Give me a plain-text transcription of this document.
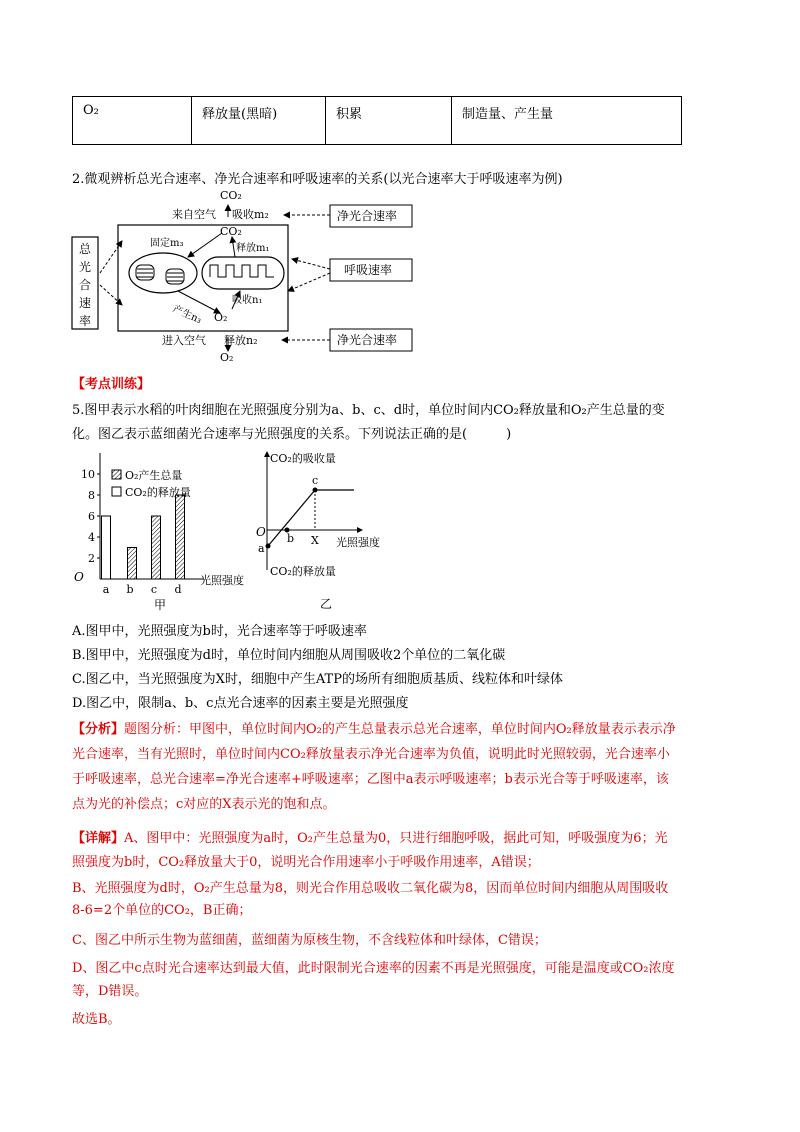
O₂	释放量(黑暗)	积累	制造量、产生量
2.微观辨析总光合速率、净光合速率和呼吸速率的关系(以光合速率大于呼吸速率为例)
CO₂
来自空气 吸收m₂
CO₂
固定m₃	释放m₁
吸收n₁
产生n₃ O₂
进入空气 释放n₂
O₂
净光合速率
呼吸速率
净光合速率
总
光
合
速
率
【考点训练】
5.图甲表示水稻的叶肉细胞在光照强度分别为a、b、c、d时，单位时间内CO₂释放量和O₂产生总量的变
化。图乙表示蓝细菌光合速率与光照强度的关系。下列说法正确的是(　　　)
O
2
4
6
8
10
a b c d
光照强度
O₂产生总量
CO₂的释放量
甲
CO₂的吸收量
CO₂的释放量
O
光照强度
a
b
c
X
乙
A.图甲中，光照强度为b时，光合速率等于呼吸速率
B.图甲中，光照强度为d时，单位时间内细胞从周围吸收2个单位的二氧化碳
C.图乙中，当光照强度为X时，细胞中产生ATP的场所有细胞质基质、线粒体和叶绿体
D.图乙中，限制a、b、c点光合速率的因素主要是光照强度
【分析】题图分析：甲图中，单位时间内O₂的产生总量表示总光合速率，单位时间内O₂释放量表示表示净
光合速率，当有光照时，单位时间内CO₂释放量表示净光合速率为负值，说明此时光照较弱，光合速率小
于呼吸速率，总光合速率=净光合速率+呼吸速率；乙图中a表示呼吸速率；b表示光合等于呼吸速率，该
点为光的补偿点；c对应的X表示光的饱和点。
【详解】A、图甲中：光照强度为a时，O₂产生总量为0，只进行细胞呼吸，据此可知，呼吸强度为6；光
照强度为b时，CO₂释放量大于0，说明光合作用速率小于呼吸作用速率，A错误；
B、光照强度为d时，O₂产生总量为8，则光合作用总吸收二氧化碳为8，因而单位时间内细胞从周围吸收
8-6=2个单位的CO₂，B正确；
C、图乙中所示生物为蓝细菌，蓝细菌为原核生物，不含线粒体和叶绿体，C错误；
D、图乙中c点时光合速率达到最大值，此时限制光合速率的因素不再是光照强度，可能是温度或CO₂浓度
等，D错误。
故选B。
